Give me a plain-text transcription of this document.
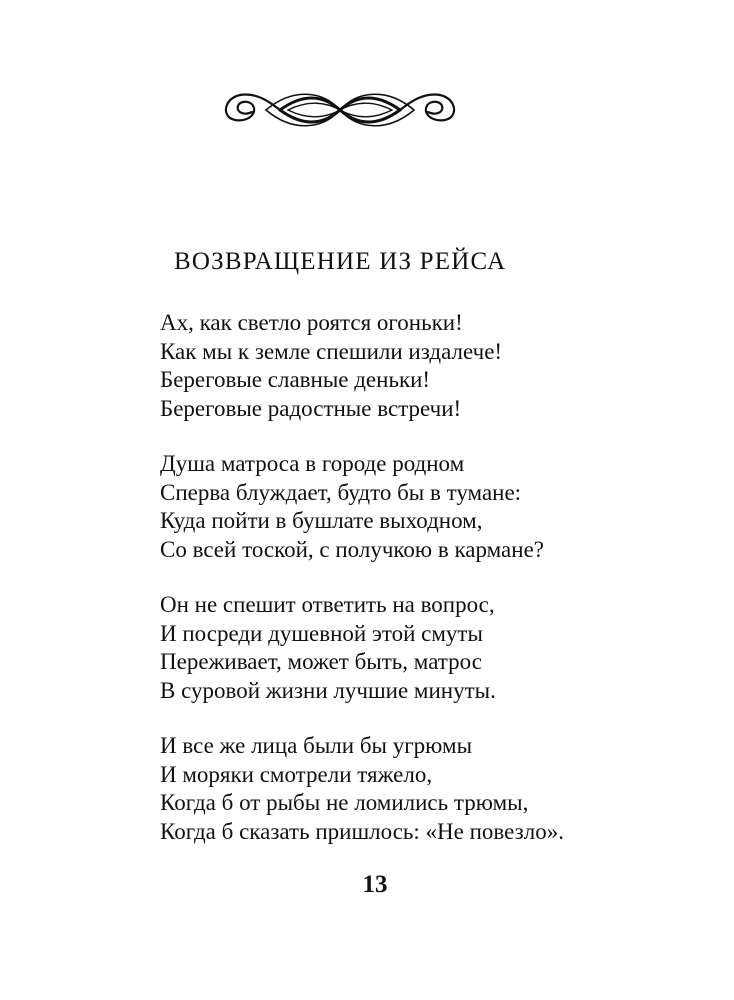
ВОЗВРАЩЕНИЕ ИЗ РЕЙСА
Ах, как светло роятся огоньки!
Как мы к земле спешили издалече!
Береговые славные деньки!
Береговые радостные встречи!
Душа матроса в городе родном
Сперва блуждает, будто бы в тумане:
Куда пойти в бушлате выходном,
Со всей тоской, с получкою в кармане?
Он не спешит ответить на вопрос,
И посреди душевной этой смуты
Переживает, может быть, матрос
В суровой жизни лучшие минуты.
И все же лица были бы угрюмы
И моряки смотрели тяжело,
Когда б от рыбы не ломились трюмы,
Когда б сказать пришлось: «Не повезло».
13
